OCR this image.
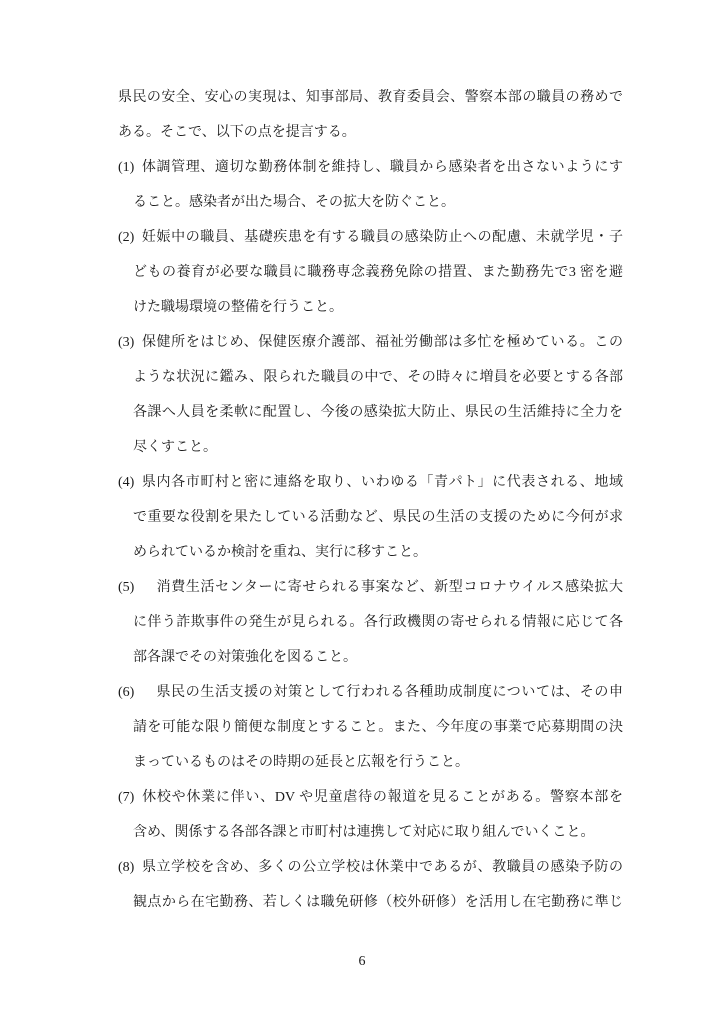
県民の安全、安心の実現は、知事部局、教育委員会、警察本部の職員の務めで
ある。そこで、以下の点を提言する。
(1) 体調管理、適切な勤務体制を維持し、職員から感染者を出さないようにす
ること。感染者が出た場合、その拡大を防ぐこと。
(2) 妊娠中の職員、基礎疾患を有する職員の感染防止への配慮、未就学児・子
どもの養育が必要な職員に職務専念義務免除の措置、また勤務先で3 密を避
けた職場環境の整備を行うこと。
(3) 保健所をはじめ、保健医療介護部、福祉労働部は多忙を極めている。この
ような状況に鑑み、限られた職員の中で、その時々に増員を必要とする各部
各課へ人員を柔軟に配置し、今後の感染拡大防止、県民の生活維持に全力を
尽くすこと。
(4) 県内各市町村と密に連絡を取り、いわゆる「青パト」に代表される、地域
で重要な役割を果たしている活動など、県民の生活の支援のために今何が求
められているか検討を重ね、実行に移すこと。
(5)　消費生活センターに寄せられる事案など、新型コロナウイルス感染拡大
に伴う詐欺事件の発生が見られる。各行政機関の寄せられる情報に応じて各
部各課でその対策強化を図ること。
(6)　県民の生活支援の対策として行われる各種助成制度については、その申
請を可能な限り簡便な制度とすること。また、今年度の事業で応募期間の決
まっているものはその時期の延長と広報を行うこと。
(7) 休校や休業に伴い、DV や児童虐待の報道を見ることがある。警察本部を
含め、関係する各部各課と市町村は連携して対応に取り組んでいくこと。
(8) 県立学校を含め、多くの公立学校は休業中であるが、教職員の感染予防の
観点から在宅勤務、若しくは職免研修（校外研修）を活用し在宅勤務に準じ
6
